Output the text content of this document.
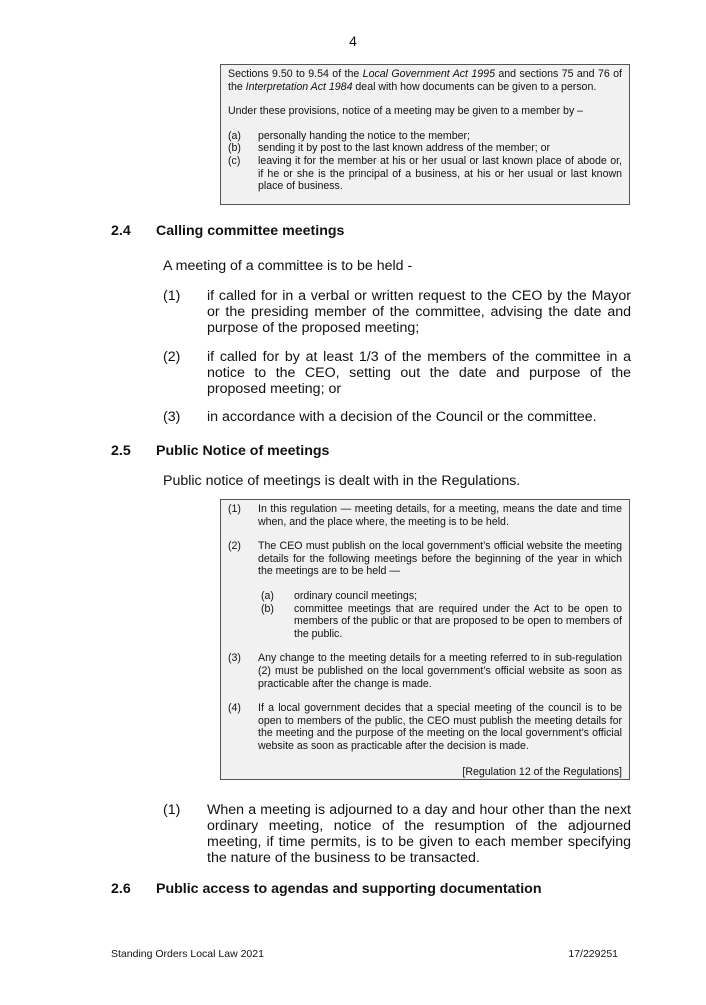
4

Sections 9.50 to 9.54 of the Local Government Act 1995 and sections 75 and 76 of the Interpretation Act 1984 deal with how documents can be given to a person.

Under these provisions, notice of a meeting may be given to a member by –

(a)	personally handing the notice to the member;
(b)	sending it by post to the last known address of the member; or
(c)	leaving it for the member at his or her usual or last known place of abode or, if he or she is the principal of a business, at his or her usual or last known place of business.
2.4 Calling committee meetings
A meeting of a committee is to be held -
(1) if called for in a verbal or written request to the CEO by the Mayor or the presiding member of the committee, advising the date and purpose of the proposed meeting;
(2) if called for by at least 1/3 of the members of the committee in a notice to the CEO, setting out the date and purpose of the proposed meeting; or
(3) in accordance with a decision of the Council or the committee.
2.5 Public Notice of meetings
Public notice of meetings is dealt with in the Regulations.
(1)	In this regulation — meeting details, for a meeting, means the date and time when, and the place where, the meeting is to be held.
(2)	The CEO must publish on the local government’s official website the meeting details for the following meetings before the beginning of the year in which the meetings are to be held —
(a)	ordinary council meetings;
(b)	committee meetings that are required under the Act to be open to members of the public or that are proposed to be open to members of the public.
(3)	Any change to the meeting details for a meeting referred to in sub-regulation (2) must be published on the local government’s official website as soon as practicable after the change is made.
(4)	If a local government decides that a special meeting of the council is to be open to members of the public, the CEO must publish the meeting details for the meeting and the purpose of the meeting on the local government’s official website as soon as practicable after the decision is made.
[Regulation 12 of the Regulations]
(1) When a meeting is adjourned to a day and hour other than the next ordinary meeting, notice of the resumption of the adjourned meeting, if time permits, is to be given to each member specifying the nature of the business to be transacted.
2.6 Public access to agendas and supporting documentation
Standing Orders Local Law 2021	17/229251
